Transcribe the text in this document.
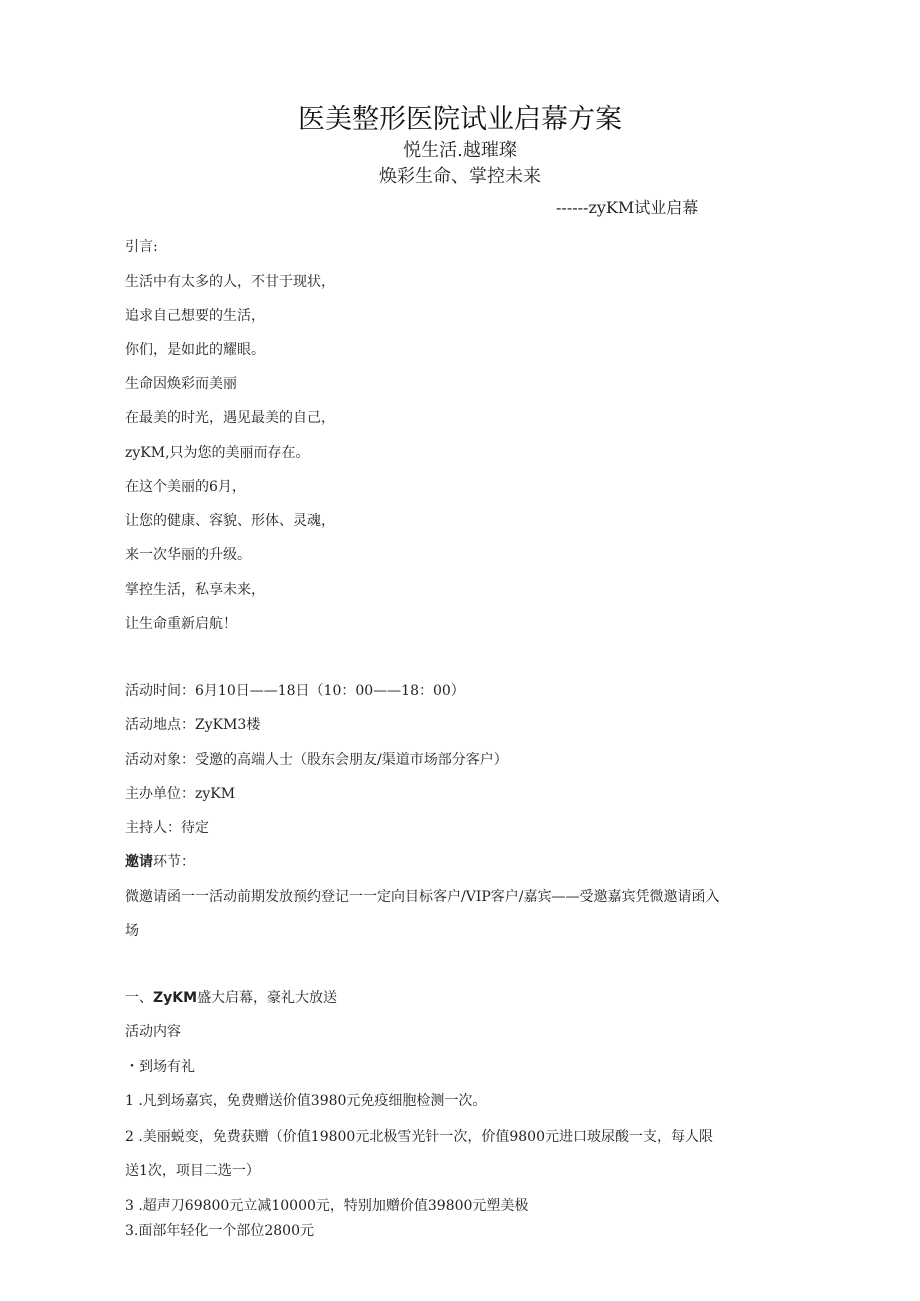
医美整形医院试业启幕方案
悦生活.越璀璨
焕彩生命、掌控未来
------zyKM试业启幕
引言:
生活中有太多的人，不甘于现状，
追求自己想要的生活，
你们，是如此的耀眼。
生命因焕彩而美丽
在最美的时光，遇见最美的自己，
zyKM,只为您的美丽而存在。
在这个美丽的6月，
让您的健康、容貌、形体、灵魂，
来一次华丽的升级。
掌控生活，私享未来，
让生命重新启航！
活动时间：6月10日——18日（10：00——18：00）
活动地点：ZyKM3楼
活动对象：受邀的高端人士（股东会朋友/渠道市场部分客户）
主办单位：zyKM
主持人：待定
邀请环节：
微邀请函一一活动前期发放预约登记一一定向目标客户/VIP客户/嘉宾——受邀嘉宾凭微邀请函入
场
一、ZyKM盛大启幕，豪礼大放送
活动内容
・到场有礼
1 .凡到场嘉宾，免费赠送价值3980元免疫细胞检测一次。
2 .美丽蜕变，免费获赠（价值19800元北极雪光针一次，价值9800元进口玻尿酸一支，每人限
送1次，项目二选一）
3 .超声刀69800元立减10000元，特别加赠价值39800元塑美极
3.面部年轻化一个部位2800元
